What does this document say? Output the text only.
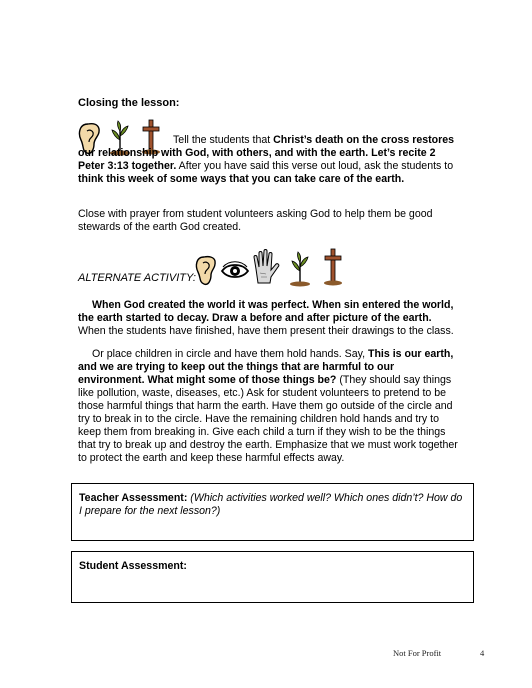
Closing the lesson:
Tell the students that Christ’s death on the cross restores our relationship with God, with others, and with the earth. Let’s recite 2 Peter 3:13 together. After you have said this verse out loud, ask the students to think this week of some ways that you can take care of the earth.
Close with prayer from student volunteers asking God to help them be good stewards of the earth God created.
ALTERNATE ACTIVITY:
When God created the world it was perfect. When sin entered the world, the earth started to decay. Draw a before and after picture of the earth. When the students have finished, have them present their drawings to the class.
Or place children in circle and have them hold hands. Say, This is our earth, and we are trying to keep out the things that are harmful to our environment. What might some of those things be? (They should say things like pollution, waste, diseases, etc.) Ask for student volunteers to pretend to be those harmful things that harm the earth. Have them go outside of the circle and try to break in to the circle. Have the remaining children hold hands and try to keep them from breaking in. Give each child a turn if they wish to be the things that try to break up and destroy the earth. Emphasize that we must work together to protect the earth and keep these harmful effects away.
Teacher Assessment: (Which activities worked well? Which ones didn’t? How do I prepare for the next lesson?)
Student Assessment:
Not For Profit	4
